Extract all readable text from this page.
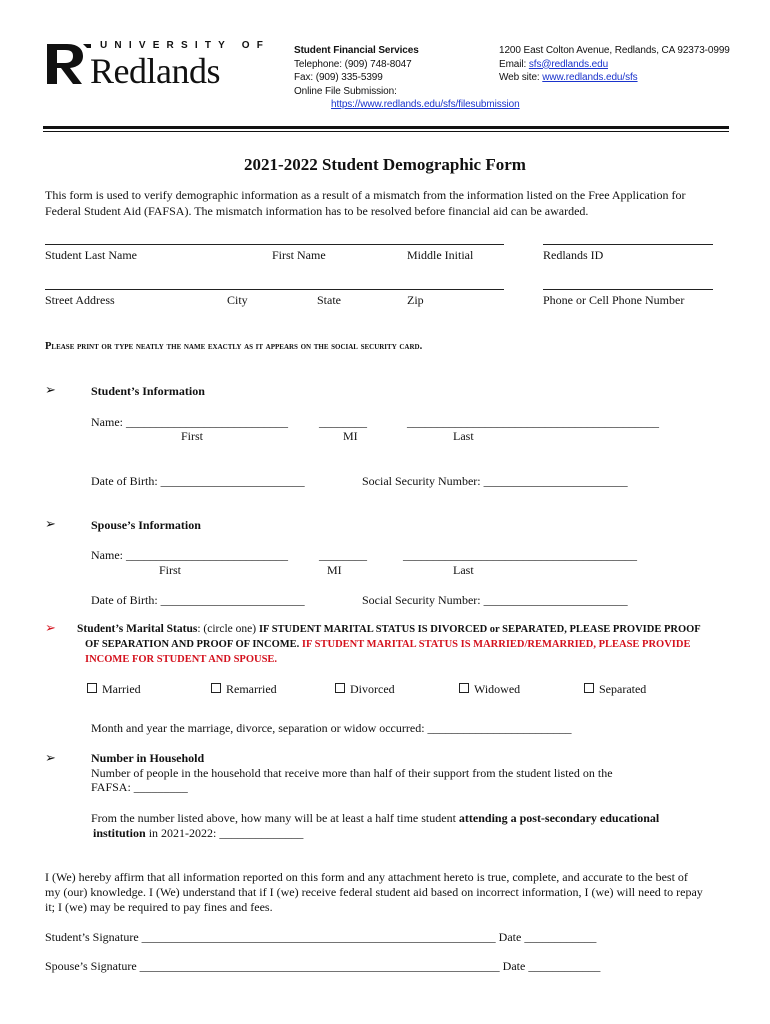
UNIVERSITY OF
Redlands
Student Financial Services
Telephone: (909) 748-8047
Fax: (909) 335-5399
Online File Submission:
https://www.redlands.edu/sfs/filesubmission
1200 East Colton Avenue, Redlands, CA 92373-0999
Email: sfs@redlands.edu
Web site: www.redlands.edu/sfs
2021-2022 Student Demographic Form
This form is used to verify demographic information as a result of a mismatch from the information listed on the Free Application for
Federal Student Aid (FAFSA). The mismatch information has to be resolved before financial aid can be awarded.
Student Last Name	First Name	Middle Initial	Redlands ID
Street Address	City	State	Zip	Phone or Cell Phone Number
Please print or type neatly the name exactly as it appears on the social security card.
➢	Student’s Information
Name: ___________________________	________	__________________________________________
First	MI	Last
Date of Birth: ________________________	Social Security Number: ________________________
➢	Spouse’s Information
Name: ___________________________	________	_______________________________________
First	MI	Last
Date of Birth: ________________________	Social Security Number: ________________________
➢ Student’s Marital Status: (circle one) IF STUDENT MARITAL STATUS IS DIVORCED or SEPARATED, PLEASE PROVIDE PROOF
OF SEPARATION AND PROOF OF INCOME. IF STUDENT MARITAL STATUS IS MARRIED/REMARRIED, PLEASE PROVIDE
INCOME FOR STUDENT AND SPOUSE.
Married	Remarried	Divorced	Widowed	Separated
Month and year the marriage, divorce, separation or widow occurred: ________________________
➢	Number in Household
Number of people in the household that receive more than half of their support from the student listed on the
FAFSA: _________
From the number listed above, how many will be at least a half time student attending a post-secondary educational
institution in 2021-2022: ______________
I (We) hereby affirm that all information reported on this form and any attachment hereto is true, complete, and accurate to the best of
my (our) knowledge. I (We) understand that if I (we) receive federal student aid based on incorrect information, I (we) will need to repay
it; I (we) may be required to pay fines and fees.
Student’s Signature ___________________________________________________________ Date ____________
Spouse’s Signature ____________________________________________________________ Date ____________
